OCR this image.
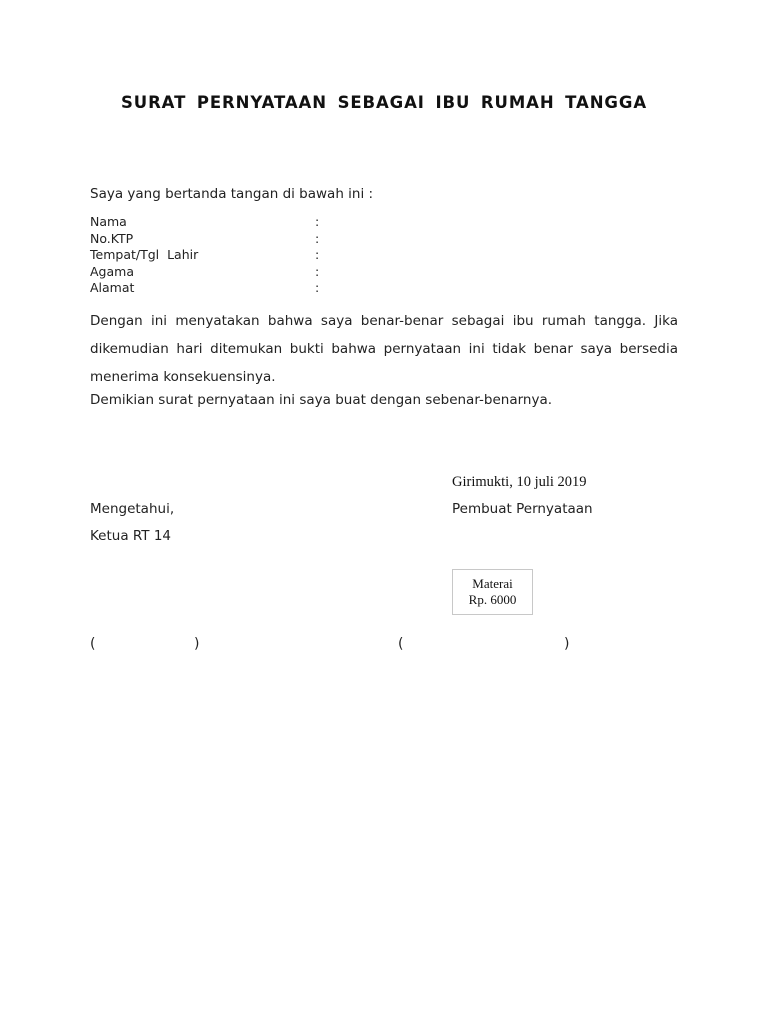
SURAT PERNYATAAN SEBAGAI IBU RUMAH TANGGA
Saya yang bertanda tangan di bawah ini :
Nama	:
No.KTP	:
Tempat/Tgl  Lahir	:
Agama	:
Alamat	:

Dengan ini menyatakan bahwa saya benar-benar sebagai ibu rumah tangga. Jika dikemudian hari ditemukan bukti bahwa pernyataan ini tidak benar saya bersedia menerima konsekuensinya.

Demikian surat pernyataan ini saya buat dengan sebenar-benarnya.
Girimukti, 10 juli 2019
Mengetahui,	Pembuat Pernyataan
Ketua RT 14
Materai
Rp. 6000
(	)	(	)
